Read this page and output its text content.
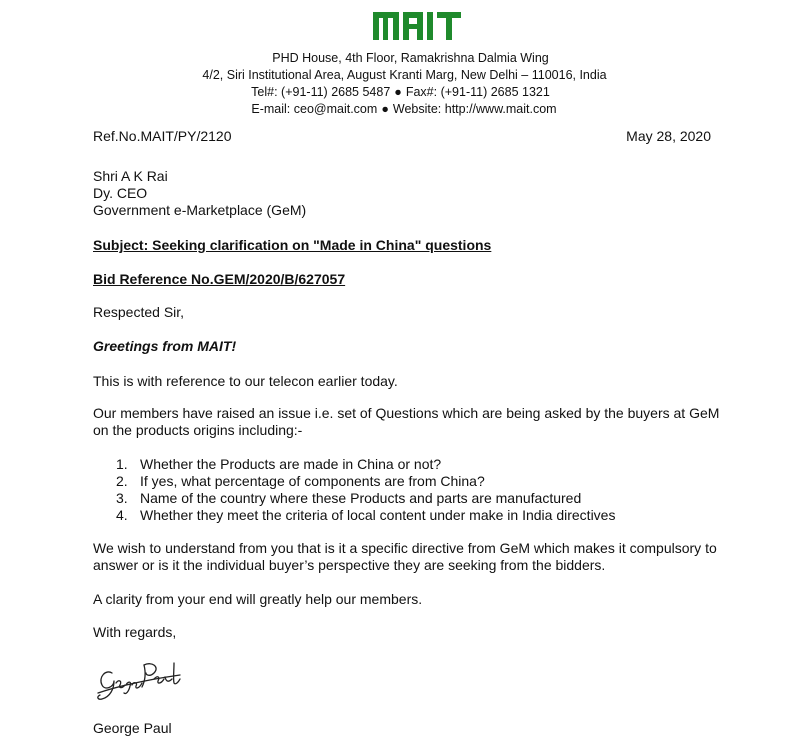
PHD House, 4th Floor, Ramakrishna Dalmia Wing
4/2, Siri Institutional Area, August Kranti Marg, New Delhi – 110016, India
Tel#: (+91-11) 2685 5487 ● Fax#: (+91-11) 2685 1321
E-mail: ceo@mait.com ● Website: http://www.mait.com
Ref.No.MAIT/PY/2120	May 28, 2020
Shri A K Rai
Dy. CEO
Government e-Marketplace (GeM)
Subject: Seeking clarification on "Made in China" questions
Bid Reference No.GEM/2020/B/627057
Respected Sir,
Greetings from MAIT!
This is with reference to our telecon earlier today.
Our members have raised an issue i.e. set of Questions which are being asked by the buyers at GeM on the products origins including:-
1. Whether the Products are made in China or not?
2. If yes, what percentage of components are from China?
3. Name of the country where these Products and parts are manufactured
4. Whether they meet the criteria of local content under make in India directives
We wish to understand from you that is it a specific directive from GeM which makes it compulsory to answer or is it the individual buyer’s perspective they are seeking from the bidders.
A clarity from your end will greatly help our members.
With regards,
George Paul
